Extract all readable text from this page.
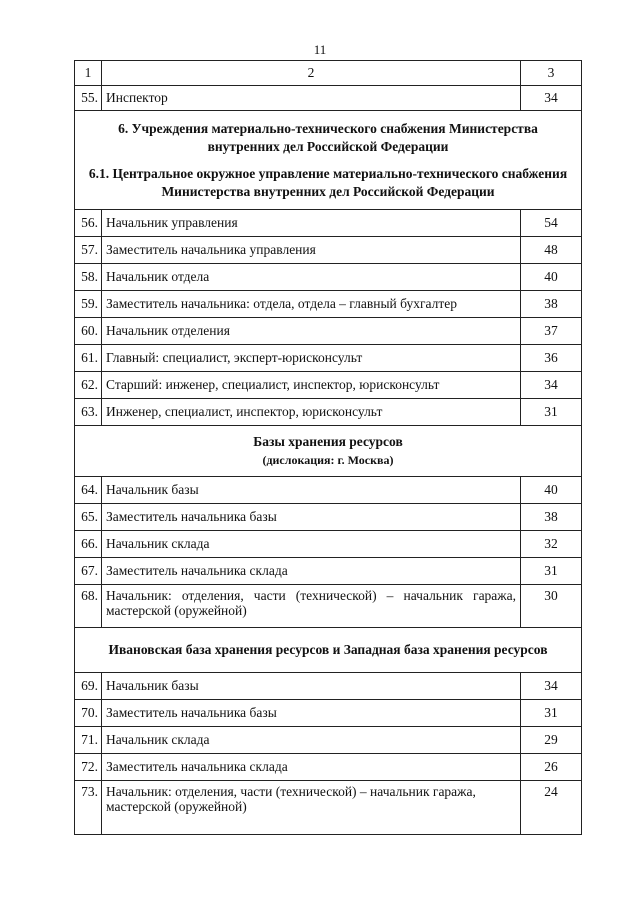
11
1	2	3
55.	Инспектор	34

6. Учреждения материально-технического снабжения Министерства внутренних дел Российской Федерации
6.1. Центральное окружное управление материально-технического снабжения Министерства внутренних дел Российской Федерации		

56.	Начальник управления	54
57.	Заместитель начальника управления	48
58.	Начальник отдела	40
59.	Заместитель начальника: отдела, отдела – главный бухгалтер	38
60.	Начальник отделения	37
61.	Главный: специалист, эксперт-юрисконсульт	36
62.	Старший: инженер, специалист, инспектор, юрисконсульт	34
63.	Инженер, специалист, инспектор, юрисконсульт	31

Базы хранения ресурсов
(дислокация: г. Москва)		

64.	Начальник базы	40
65.	Заместитель начальника базы	38
66.	Начальник склада	32
67.	Заместитель начальника склада	31
68.	Начальник: отделения, части (технической) – начальник гаража, мастерской (оружейной)	30

Ивановская база хранения ресурсов и Западная база хранения ресурсов		

69.	Начальник базы	34
70.	Заместитель начальника базы	31
71.	Начальник склада	29
72.	Заместитель начальника склада	26
73.	Начальник: отделения, части (технической) – начальник гаража, мастерской (оружейной)	24
